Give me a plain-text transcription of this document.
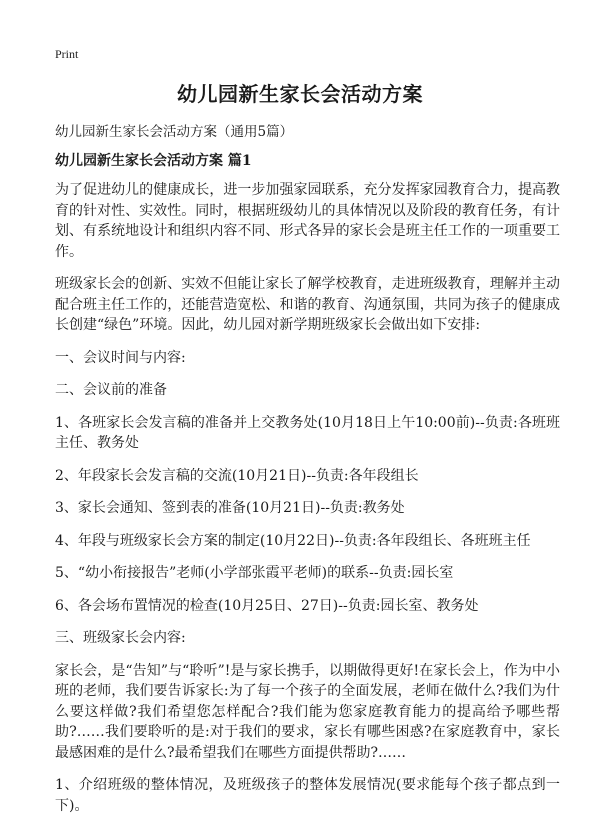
Print
幼儿园新生家长会活动方案
幼儿园新生家长会活动方案（通用5篇）
幼儿园新生家长会活动方案 篇1

为了促进幼儿的健康成长，进一步加强家园联系，充分发挥家园教育合力，提高教育的针对性、实效性。同时，根据班级幼儿的具体情况以及阶段的教育任务，有计划、有系统地设计和组织内容不同、形式各异的家长会是班主任工作的一项重要工作。

班级家长会的创新、实效不但能让家长了解学校教育，走进班级教育，理解并主动配合班主任工作的，还能营造宽松、和谐的教育、沟通氛围，共同为孩子的健康成长创建“绿色”环境。因此，幼儿园对新学期班级家长会做出如下安排:

一、会议时间与内容:

二、会议前的准备

1、各班家长会发言稿的准备并上交教务处(10月18日上午10:00前)--负责:各班班主任、教务处

2、年段家长会发言稿的交流(10月21日)--负责:各年段组长

3、家长会通知、签到表的准备(10月21日)--负责:教务处

4、年段与班级家长会方案的制定(10月22日)--负责:各年段组长、各班班主任

5、“幼小衔接报告”老师(小学部张霞平老师)的联系--负责:园长室

6、各会场布置情况的检查(10月25日、27日)--负责:园长室、教务处

三、班级家长会内容:

家长会，是“告知”与“聆听”!是与家长携手，以期做得更好!在家长会上，作为中小班的老师，我们要告诉家长:为了每一个孩子的全面发展，老师在做什么?我们为什么要这样做?我们希望您怎样配合?我们能为您家庭教育能力的提高给予哪些帮助?……我们要聆听的是:对于我们的要求，家长有哪些困惑?在家庭教育中，家长最感困难的是什么?最希望我们在哪些方面提供帮助?……

1、介绍班级的整体情况，及班级孩子的整体发展情况(要求能每个孩子都点到一下)。
